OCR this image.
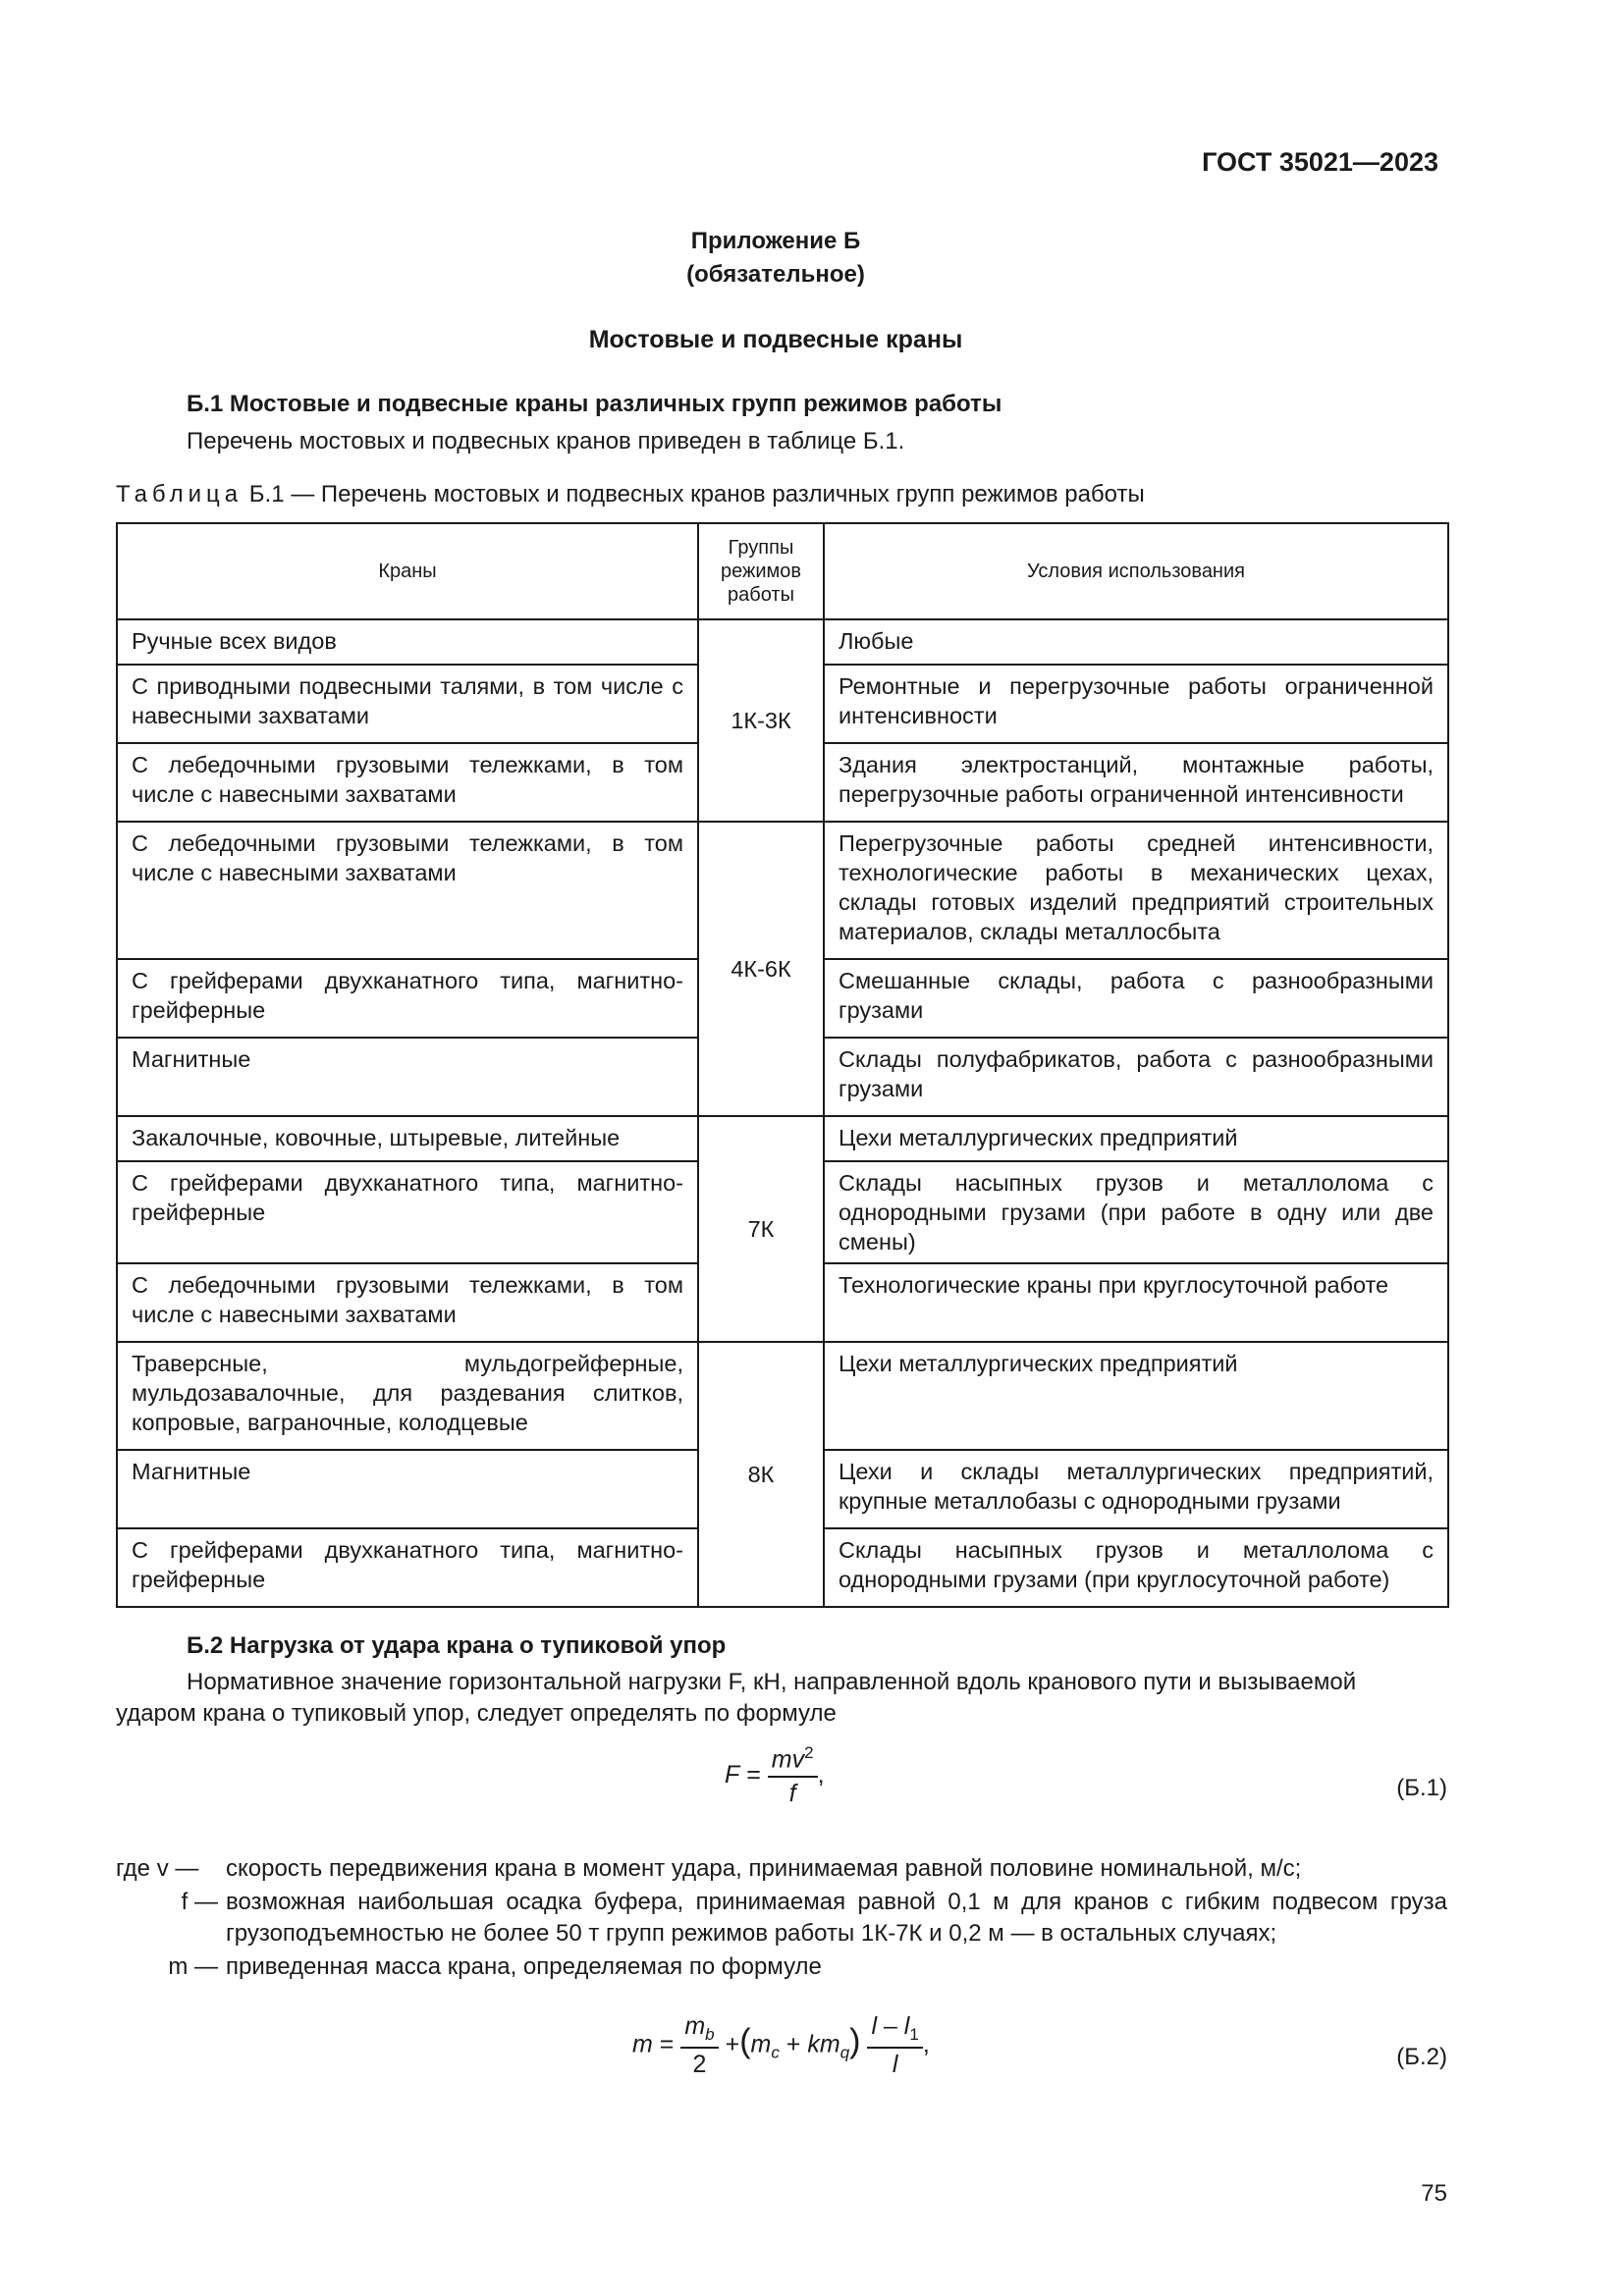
ГОСТ 35021—2023
Приложение Б
(обязательное)
Мостовые и подвесные краны
Б.1 Мостовые и подвесные краны различных групп режимов работы
Перечень мостовых и подвесных кранов приведен в таблице Б.1.
Таблица Б.1 — Перечень мостовых и подвесных кранов различных групп режимов работы
Краны	Группы
режимов
работы	Условия использования
Ручные всех видов	1К-3К	Любые
С приводными подвесными талями, в том числе с навесными захватами		Ремонтные и перегрузочные работы ограниченной интенсивности
С лебедочными грузовыми тележками, в том числе с навесными захватами		Здания электростанций, монтажные работы, перегрузочные работы ограниченной интенсивности
С лебедочными грузовыми тележками, в том числе с навесными захватами	4К-6К	Перегрузочные работы средней интенсивности, технологические работы в механических цехах, склады готовых изделий предприятий строительных материалов, склады металлосбыта
С грейферами двухканатного типа, магнитно-грейферные		Смешанные склады, работа с разнообразными грузами
Магнитные		Склады полуфабрикатов, работа с разнообразными грузами
Закалочные, ковочные, штыревые, литейные	7К	Цехи металлургических предприятий
С грейферами двухканатного типа, магнитно-грейферные		Склады насыпных грузов и металлолома с однородными грузами (при работе в одну или две смены)
С лебедочными грузовыми тележками, в том числе с навесными захватами		Технологические краны при круглосуточной работе
Траверсные, мульдогрейферные, мульдозавалочные, для раздевания слитков, копровые, ваграночные, колодцевые	8К	Цехи металлургических предприятий
Магнитные		Цехи и склады металлургических предприятий, крупные металлобазы с однородными грузами
С грейферами двухканатного типа, магнитно-грейферные		Склады насыпных грузов и металлолома с однородными грузами (при круглосуточной работе)
Б.2 Нагрузка от удара крана о тупиковой упор
Нормативное значение горизонтальной нагрузки F, кН, направленной вдоль кранового пути и вызываемой
ударом крана о тупиковый упор, следует определять по формуле
$F = \frac{mv^2}{f}$ ,	(Б.1)
где v —	скорость передвижения крана в момент удара, принимаемая равной половине номинальной, м/с;
f — возможная наибольшая осадка буфера, принимаемая равной 0,1 м для кранов с гибким подвесом груза грузоподъемностью не более 50 т групп режимов работы 1К-7К и 0,2 м — в остальных случаях;
m — приведенная масса крана, определяемая по формуле
$m = \frac{m_b}{2} +(m_c + km_q) \frac{l - l_1}{l}$ ,	(Б.2)
75
